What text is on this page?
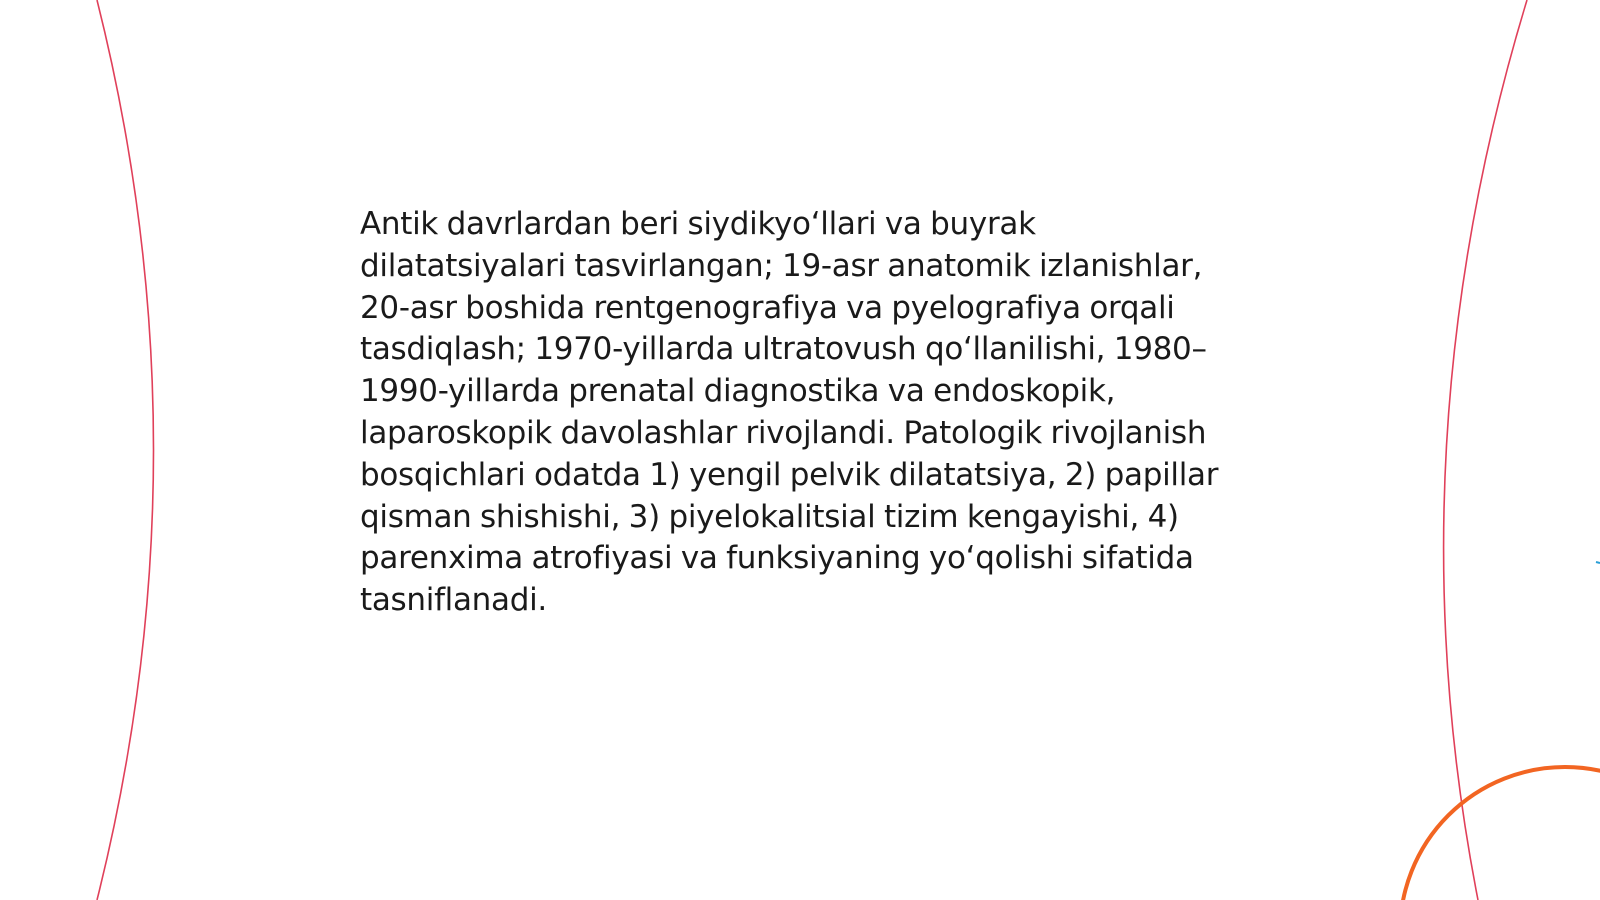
Antik davrlardan beri siydikyo‘llari va buyrak dilatatsiyalari tasvirlangan; 19-asr anatomik izlanishlar, 20-asr boshida rentgenografiya va pyelografiya orqali tasdiqlash; 1970-yillarda ultratovush qo‘llanilishi, 1980–1990-yillarda prenatal diagnostika va endoskopik, laparoskopik davolashlar rivojlandi. Patologik rivojlanish bosqichlari odatda 1) yengil pelvik dilatatsiya, 2) papillar qisman shishishi, 3) piyelokalitsial tizim kengayishi, 4) parenxima atrofiyasi va funksiyaning yo‘qolishi sifatida tasniflanadi.
